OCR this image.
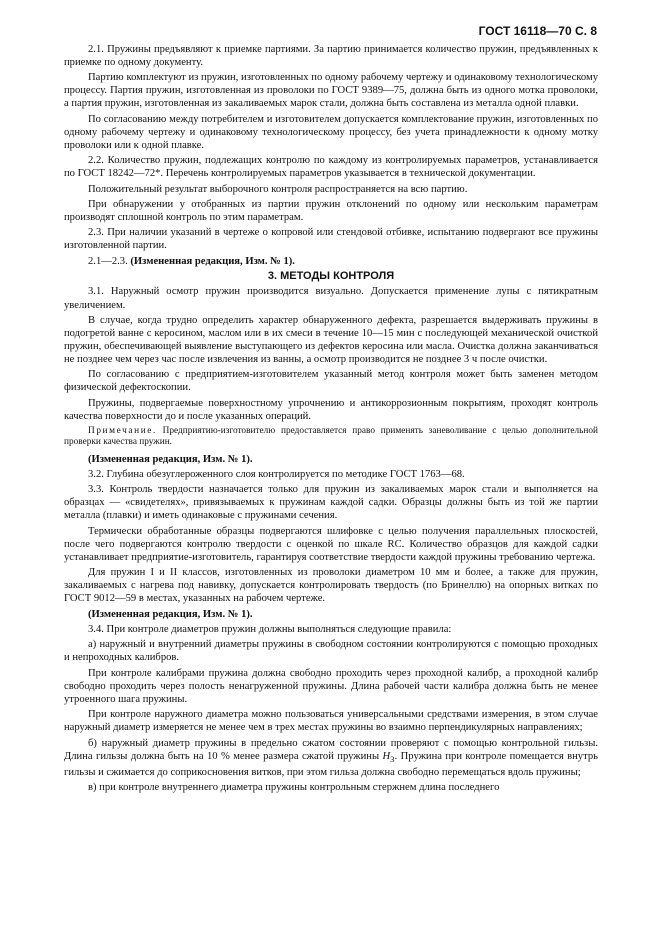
ГОСТ 16118—70 С. 8

2.1. Пружины предъявляют к приемке партиями. За партию принимается количество пружин, предъявленных к приемке по одному документу.

Партию комплектуют из пружин, изготовленных по одному рабочему чертежу и одинаковому технологическому процессу. Партия пружин, изготовленная из проволоки по ГОСТ 9389—75, должна быть из одного мотка проволоки, а партия пружин, изготовленная из закаливаемых марок стали, должна быть составлена из металла одной плавки.

По согласованию между потребителем и изготовителем допускается комплектование пружин, изготовленных по одному рабочему чертежу и одинаковому технологическому процессу, без учета принадлежности к одному мотку проволоки или к одной плавке.

2.2. Количество пружин, подлежащих контролю по каждому из контролируемых параметров, устанавливается по ГОСТ 18242—72*. Перечень контролируемых параметров указывается в технической документации.

Положительный результат выборочного контроля распространяется на всю партию.

При обнаружении у отобранных из партии пружин отклонений по одному или нескольким параметрам производят сплошной контроль по этим параметрам.

2.3. При наличии указаний в чертеже о копровой или стендовой отбивке, испытанию подвергают все пружины изготовленной партии.

2.1—2.3. (Измененная редакция, Изм. № 1).

3. МЕТОДЫ КОНТРОЛЯ

3.1. Наружный осмотр пружин производится визуально. Допускается применение лупы с пятикратным увеличением.

В случае, когда трудно определить характер обнаруженного дефекта, разрешается выдерживать пружины в подогретой ванне с керосином, маслом или в их смеси в течение 10—15 мин с последующей механической очисткой пружин, обеспечивающей выявление выступающего из дефектов керосина или масла. Очистка должна заканчиваться не позднее чем через час после извлечения из ванны, а осмотр производится не позднее 3 ч после очистки.

По согласованию с предприятием-изготовителем указанный метод контроля может быть заменен методом физической дефектоскопии.

Пружины, подвергаемые поверхностному упрочнению и антикоррозионным покрытиям, проходят контроль качества поверхности до и после указанных операций.

Примечание. Предприятию-изготовителю предоставляется право применять заневоливание с целью дополнительной проверки качества пружин.

(Измененная редакция, Изм. № 1).

3.2. Глубина обезуглероженного слоя контролируется по методике ГОСТ 1763—68.

3.3. Контроль твердости назначается только для пружин из закаливаемых марок стали и выполняется на образцах — «свидетелях», привязываемых к пружинам каждой садки. Образцы должны быть из той же партии металла (плавки) и иметь одинаковые с пружинами сечения.

Термически обработанные образцы подвергаются шлифовке с целью получения параллельных плоскостей, после чего подвергаются контролю твердости с оценкой по шкале RC. Количество образцов для каждой садки устанавливает предприятие-изготовитель, гарантируя соответствие твердости каждой пружины требованию чертежа.

Для пружин I и II классов, изготовленных из проволоки диаметром 10 мм и более, а также для пружин, закаливаемых с нагрева под навивку, допускается контролировать твердость (по Бринеллю) на опорных витках по ГОСТ 9012—59 в местах, указанных на рабочем чертеже.

(Измененная редакция, Изм. № 1).

3.4. При контроле диаметров пружин должны выполняться следующие правила:

а) наружный и внутренний диаметры пружины в свободном состоянии контролируются с помощью проходных и непроходных калибров.

При контроле калибрами пружина должна свободно проходить через проходной калибр, а проходной калибр свободно проходить через полость ненагруженной пружины. Длина рабочей части калибра должна быть не менее утроенного шага пружины.

При контроле наружного диаметра можно пользоваться универсальными средствами измерения, в этом случае наружный диаметр измеряется не менее чем в трех местах пружины во взаимно перпендикулярных направлениях;

б) наружный диаметр пружины в предельно сжатом состоянии проверяют с помощью контрольной гильзы. Длина гильзы должна быть на 10 % менее размера сжатой пружины $H_3$. Пружина при контроле помещается внутрь гильзы и сжимается до соприкосновения витков, при этом гильза должна свободно перемещаться вдоль пружины;

в) при контроле внутреннего диаметра пружины контрольным стержнем длина последнего
